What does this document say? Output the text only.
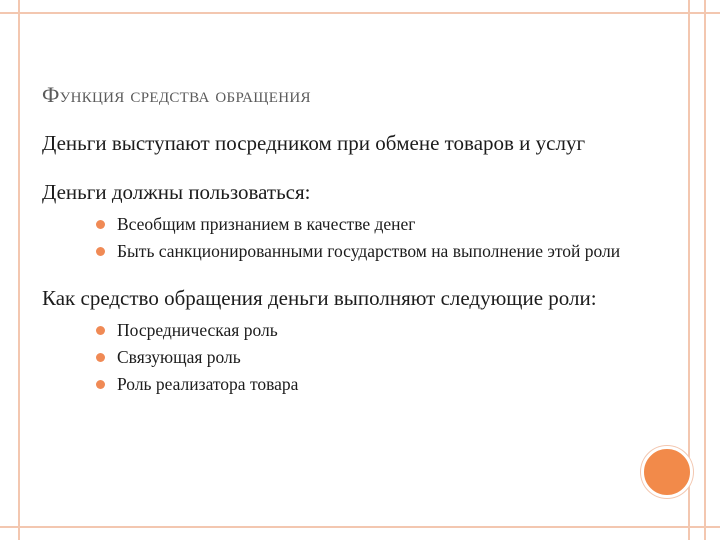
Функция средства обращения

Деньги выступают посредником при обмене товаров и услуг

Деньги должны пользоваться:
Всеобщим признанием в качестве денег
Быть санкционированными государством на выполнение этой роли
Как средство обращения деньги выполняют следующие роли:
Посредническая роль
Связующая роль
Роль реализатора товара
